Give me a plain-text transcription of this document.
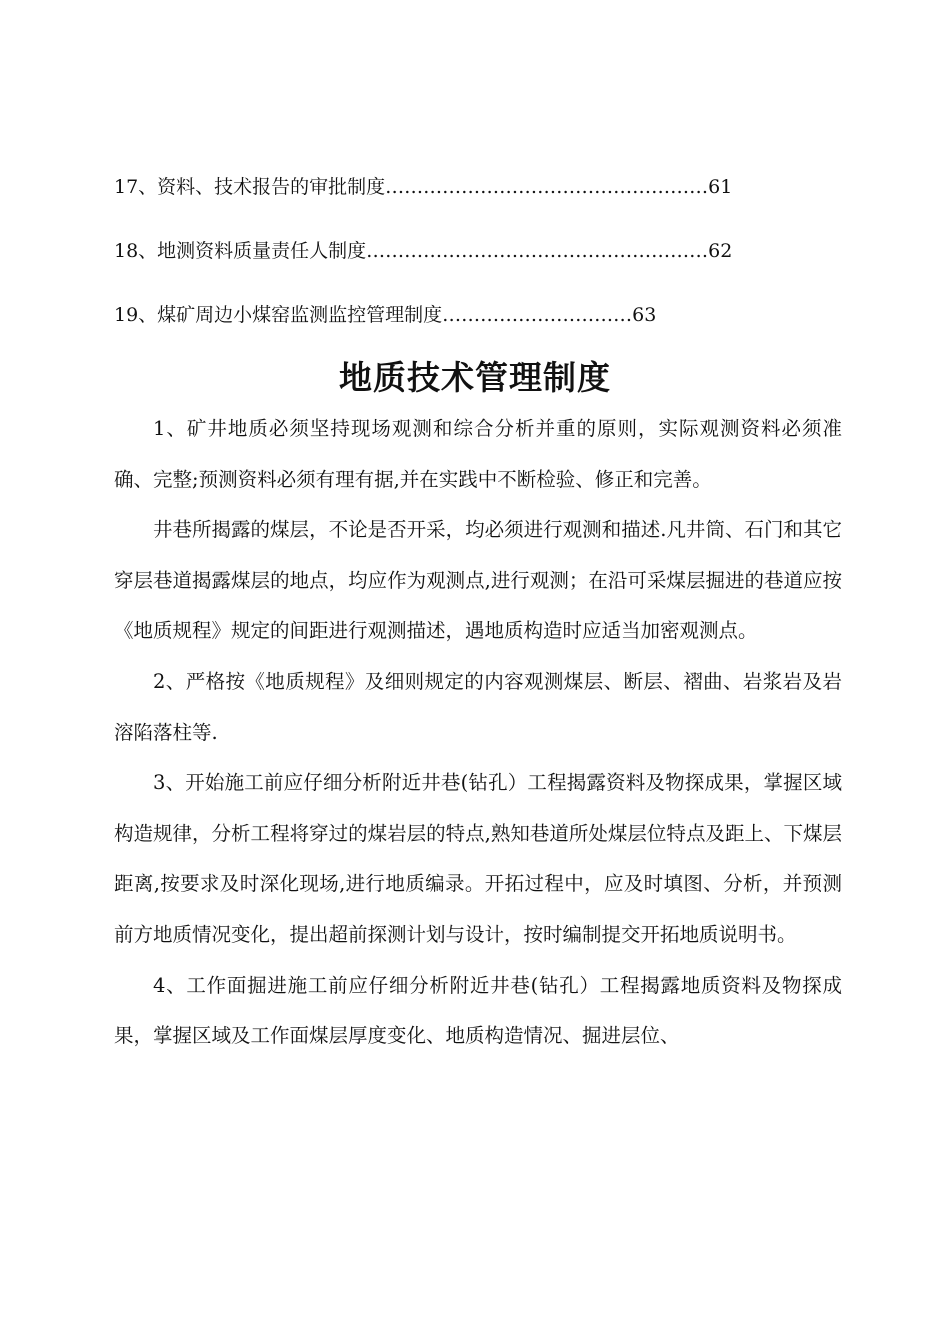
17、资料、技术报告的审批制度……………………………………………61
18、地测资料质量责任人制度………………………………………………62
19、煤矿周边小煤窑监测监控管理制度…………………………63
地质技术管理制度

1、矿井地质必须坚持现场观测和综合分析并重的原则，实际观测资料必须准确、完整;预测资料必须有理有据,并在实践中不断检验、修正和完善。

井巷所揭露的煤层，不论是否开采，均必须进行观测和描述.凡井筒、石门和其它穿层巷道揭露煤层的地点，均应作为观测点,进行观测；在沿可采煤层掘进的巷道应按《地质规程》规定的间距进行观测描述，遇地质构造时应适当加密观测点。

2、严格按《地质规程》及细则规定的内容观测煤层、断层、褶曲、岩浆岩及岩溶陷落柱等.

3、开始施工前应仔细分析附近井巷(钻孔）工程揭露资料及物探成果，掌握区域构造规律，分析工程将穿过的煤岩层的特点,熟知巷道所处煤层位特点及距上、下煤层距离,按要求及时深化现场,进行地质编录。开拓过程中，应及时填图、分析，并预测前方地质情况变化，提出超前探测计划与设计，按时编制提交开拓地质说明书。

4、工作面掘进施工前应仔细分析附近井巷(钻孔）工程揭露地质资料及物探成果，掌握区域及工作面煤层厚度变化、地质构造情况、掘进层位、
